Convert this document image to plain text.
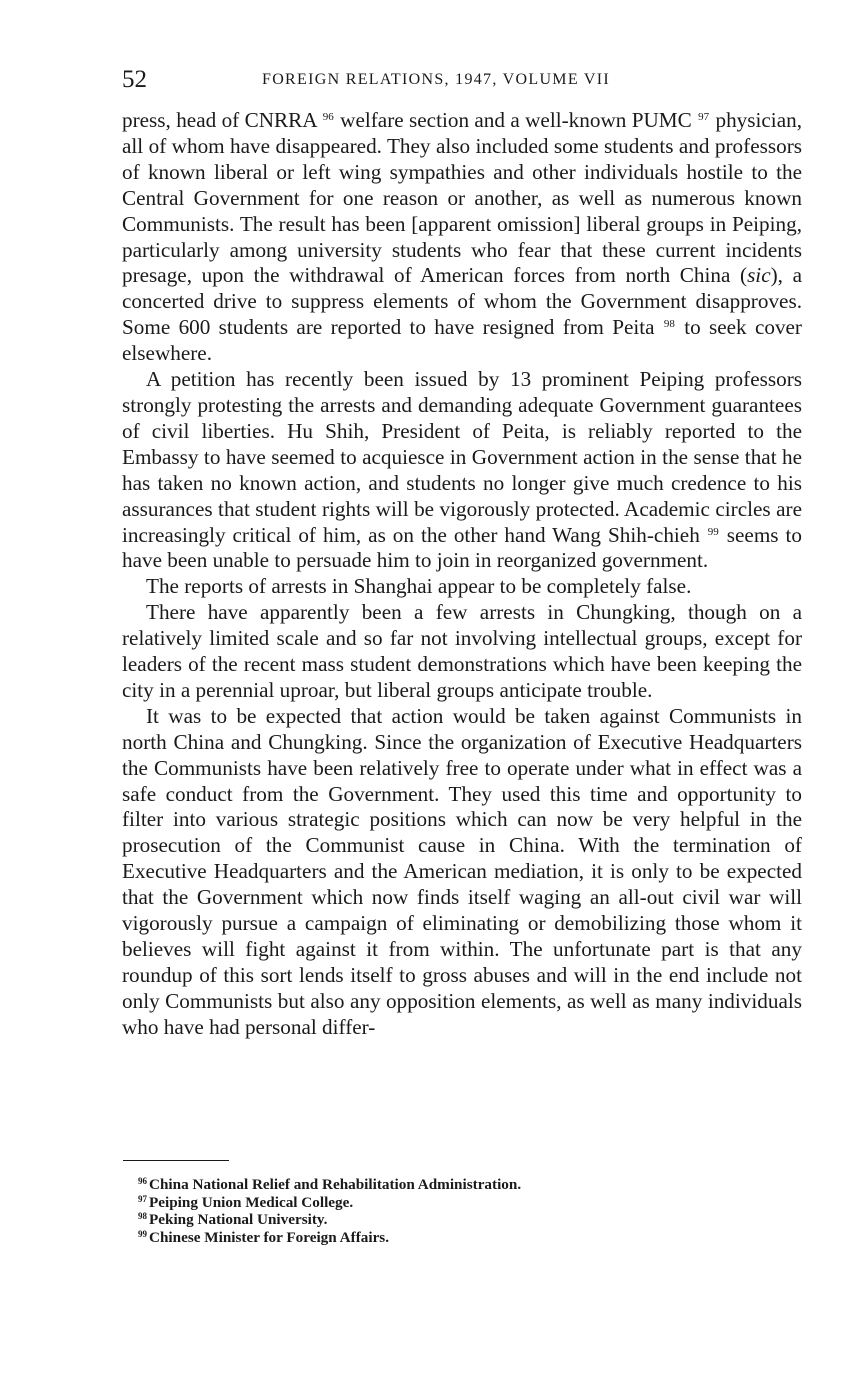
52	FOREIGN RELATIONS, 1947, VOLUME VII

press, head of CNRRA $^{96}$ welfare section and a well-known PUMC $^{97}$ physician, all of whom have disappeared. They also included some students and professors of known liberal or left wing sympathies and other individuals hostile to the Central Government for one reason or another, as well as numerous known Communists. The result has been [apparent omission] liberal groups in Peiping, particularly among university students who fear that these current incidents presage, upon the withdrawal of American forces from north China (sic), a concerted drive to suppress elements of whom the Government disapproves. Some 600 students are reported to have resigned from Peita $^{98}$ to seek cover elsewhere.

A petition has recently been issued by 13 prominent Peiping professors strongly protesting the arrests and demanding adequate Government guarantees of civil liberties. Hu Shih, President of Peita, is reliably reported to the Embassy to have seemed to acquiesce in Government action in the sense that he has taken no known action, and students no longer give much credence to his assurances that student rights will be vigorously protected. Academic circles are increasingly critical of him, as on the other hand Wang Shih-chieh $^{99}$ seems to have been unable to persuade him to join in reorganized government.

The reports of arrests in Shanghai appear to be completely false.

There have apparently been a few arrests in Chungking, though on a relatively limited scale and so far not involving intellectual groups, except for leaders of the recent mass student demonstrations which have been keeping the city in a perennial uproar, but liberal groups anticipate trouble.

It was to be expected that action would be taken against Communists in north China and Chungking. Since the organization of Executive Headquarters the Communists have been relatively free to operate under what in effect was a safe conduct from the Government. They used this time and opportunity to filter into various strategic positions which can now be very helpful in the prosecution of the Communist cause in China. With the termination of Executive Headquarters and the American mediation, it is only to be expected that the Government which now finds itself waging an all-out civil war will vigorously pursue a campaign of eliminating or demobilizing those whom it believes will fight against it from within. The unfortunate part is that any roundup of this sort lends itself to gross abuses and will in the end include not only Communists but also any opposition elements, as well as many individuals who have had personal differ-

$^{96}$ China National Relief and Rehabilitation Administration.
$^{97}$ Peiping Union Medical College.
$^{98}$ Peking National University.
$^{99}$ Chinese Minister for Foreign Affairs.
